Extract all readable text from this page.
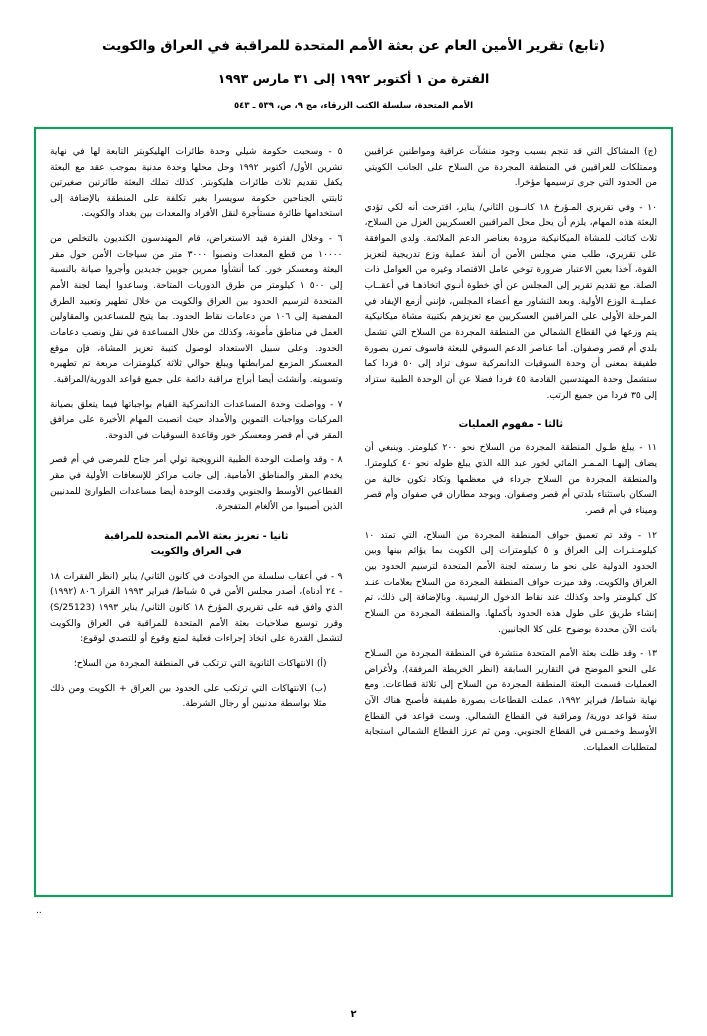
(تابع) تقرير الأمين العام عن بعثة الأمم المتحدة للمراقبة في العراق والكويت
الفترة من ١ أكتوبر ١٩٩٢ إلى ٣١ مارس ١٩٩٣
الأمم المتحدة، سلسلة الكتب الزرقاء، مج ٩، ص، ٥٣٩ ـ ٥٤٣

(ج) المشاكل التي قد تنجم بسبب وجود منشآت عراقية ومواطنين عراقيين وممتلكات للعراقيين في المنطقة المجردة من السلاح على الجانب الكويتي من الحدود التي جرى ترسيمها مؤخرا.

١٠ - وفي تقريري المـؤرخ ١٨ كانــون الثاني/ يناير، اقترحت أنه لكي تؤدي البعثة هذه المهام، يلزم أن يحل محل المراقبين العسكريين العزل من السلاح، ثلاث كتائب للمشاة الميكانيكية مزودة بعناصر الدعم الملائمة. ولدى الموافقة على تقريري، طلب مني مجلس الأمن أن أنفذ عملية وزع تدريجية لتعزيز القوة، آخذا بعين الاعتبار ضرورة توخي عامل الاقتصاد وغيره من العوامل ذات الصلة. مع تقديم تقرير إلى المجلس عن أي خطوة أنـوي اتخاذهـا في أعقــاب عمليــة الوزع الأولية. وبعد التشاور مع أعضاء المجلس، فإنني أزمع الإيفاد في المرحلة الأولى على المراقبين العسكريين مع تعزيزهم بكتيبة مشاة ميكانيكية يتم وزعها في القطاع الشمالي من المنطقة المجردة من السلاح التي تشمل بلدي أم قصر وصفوان. أما عناصر الدعم السوقي للبعثة فاسوف تمرن بصورة طفيفة بمعنى أن وحدة السوقيات الدانمركية سوف تزاد إلى ٥٠ فردا كما ستشمل وحدة المهندسين القادمة ٤٥ فردا فضلا عن أن الوحدة الطبية ستزاد إلى ٣٥ فردا من جميع الرتب.

ثالثا - مفهوم العمليات

١١ - يبلغ طـول المنطقة المجردة من السلاح نحو ٢٠٠ كيلومتر. وينبغي أن يضاف إليهـا المـمـر المائي لخور عبد الله الذي يبلغ طوله نحو ٤٠ كيلومترا. والمنطقة المجردة من السلاح جرداء في معظمها وتكاد تكون خالية من السكان باستثناء بلدتي أم قصر وصفوان. ويوجد مطاران في صفوان وأم قصر وميناء في أم قصر.

١٢ - وقد تم تعميق حواف المنطقة المجردة من السلاح، التي تمتد ١٠ كيلومـتـرات إلى العراق و ٥ كيلومترات إلى الكويت بما يؤائم بينها وبين الحدود الدولية على نحو ما رسمته لجنة الأمم المتحدة لترسيم الحدود بين العراق والكويت. وقد ميزت حواف المنطقة المجردة من السلاح بعلامات عنـد كل كيلومتر واحد وكذلك عند نقاط الدخول الرئيسية. وبالإضافة إلى ذلك، تم إنشاء طريق على طول هذه الحدود بأكملها. والمنطقة المجردة من السلاح باتت الآن محددة بوضوح على كلا الجانبين.

١٣ - وقد ظلت بعثة الأمم المتحدة منتشرة في المنطقة المجردة من السـلاح على النحو الموضح في التقارير السابقة (انظر الخريطة المرفقة). ولأغراض العمليات قسمت البعثة المنطقة المجردة من السلاح إلى ثلاثة قطاعات. ومع نهاية شباط/ فبراير ١٩٩٢، عملت القطاعات بصورة طفيفة فأصبح هناك الآن ستة قواعد دورية/ ومراقبة في القطاع الشمالي. وست قواعد في القطاع الأوسط وخمـس في القطاع الجنوبي. ومن ثم عزز القطاع الشمالي استجابة لمتطلبات العمليات.

٥ - وسحبت حكومة شيلي وحدة طائرات الهليكوبتر التابعة لها في نهاية تشرين الأول/ أكتوبر ١٩٩٢ وحل محلها وحدة مدنية بموجب عقد مع البعثة يكفل تقديم ثلاث طائرات هليكوبتر. كذلك تملك البعثة طائرتين صغيرتين ثابتتي الجناحين حكومة سويسرا بغير تكلفة على المنطقة بالإضافة إلى استخدامها طائرة مستأجرة لنقل الأفراد والمعدات بين بغداد والكويت.

٦ - وخلال الفترة قيد الاستعراض، قام المهندسون الكنديون بالتخلص من ١٠٠٠٠ من قطع المعدات ونصبوا ٣٠٠٠ متر من سياجات الأمن حول مقر البعثة ومعسكر خور. كما أنشأوا ممرين جويين جديدين وأجروا صيانة بالنسبة إلى ٥٠٠ ١ كيلومتر من طرق الدوريات المتاحة. وساعدوا أيضا لجنة الأمم المتحدة لترسيم الحدود بين العراق والكويت من خلال تطهير وتعبيد الطرق المفضية إلى ١٠٦ من دعامات نقاط الحدود. بما يتيح للمساعدين والمقاولين العمل في مناطق مأمونة، وكذلك من خلال المساعدة في نقل ونصب دعامات الحدود. وعلى سبيل الاستعداد لوصول كتيبة تعزيز المشاة، فإن موقع المعسكر المزمع لمرابطتها ويبلغ حوالي ثلاثة كيلومترات مربعة تم تطهيره وتسويته. وأنشئت أيضا أبراج مراقبة دائمة على جميع قواعد الدورية/المراقبة.

٧ - وواصلت وحدة المساعدات الدانمركية القيام بواجباتها فيما يتعلق بصيانة المركبات وواجبات التموين والأمداد حيث اتصبت المهام الأخيرة على مرافق المقر في أم قصر ومعسكر خور وقاعدة السوقيات في الدوحة.

٨ - وقد واصلت الوحدة الطبية النرويجية تولي أمر جناح للمرضى في أم قصر يخدم المقر والمناطق الأمامية. إلى جانب مراكز للإسعافات الأولية في مقر القطاعين الأوسط والجنوبي وقدمت الوحدة أيضا مساعدات الطوارئ للمدنيين الذين أصيبوا من الألغام المتفجرة.

ثانيا - تعزيز بعثة الأمم المتحدة للمراقبة
في العراق والكويت

٩ - في أعقاب سلسلة من الحوادث في كانون الثاني/ يناير (انظر الفقرات ١٨ - ٢٤ أدناه)، أصدر مجلس الأمن في ٥ شباط/ فبراير ١٩٩٣ القرار ٨٠٦ (١٩٩٢) الذي وافق فيه على تقريري المؤرخ ١٨ كانون الثاني/ يناير ١٩٩٣ (S/25123) وقرر توسيع صلاحيات بعثة الأمم المتحدة للمراقبة في العراق والكويت لتشمل القدرة على اتخاذ إجراءات فعلية لمنع وقوع أو للتصدي لوقوع:

(أ) الانتهاكات الثانوية التي ترتكب في المنطقة المجردة من السلاح؛

(ب) الانتهاكات التي ترتكب على الحدود بين العراق + الكويت ومن ذلك مثلا بواسطة مدنيين أو رجال الشرطة.

..
٢
